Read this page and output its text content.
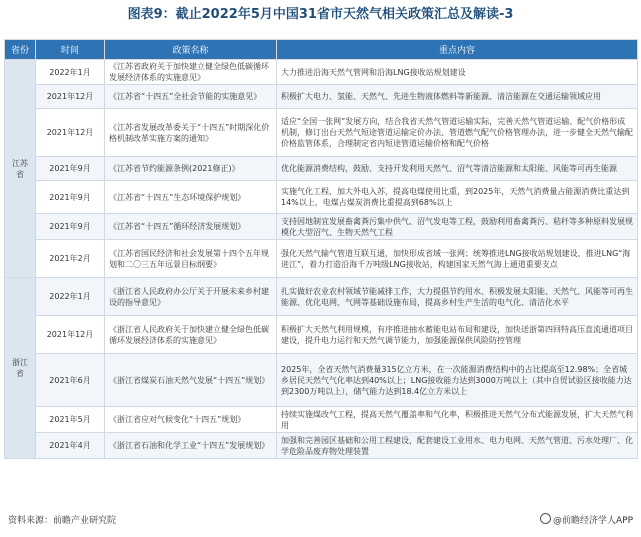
图表9：截止2022年5月中国31省市天然气相关政策汇总及解读-3
省份	时间	政策名称	重点内容
江苏省	2022年1月	《江苏省政府关于加快建立健全绿色低碳循环发展经济体系的实施意见》	大力推进沿海天然气管网和沿海LNG接收站规划建设
	2021年12月	《江苏省“十四五”全社会节能的实施意见》	积极扩大电力、氢能、天然气、先进生物液体燃料等新能源、清洁能源在交通运输领域应用
	2021年12月	《江苏省发展改革委关于“十四五”时期深化价格机制改革实施方案的通知》	适应“全国一张网”发展方向，结合我省天然气管道运输实际，完善天然气管道运输、配气价格形成机制，修订出台天然气短途管道运输定价办法、管道燃气配气价格管理办法，进一步健全天然气输配价格监管体系，合理制定省内短途管道运输价格和配气价格
	2021年9月	《江苏省节约能源条例(2021修正)》	优化能源消费结构，鼓励、支持开发利用天然气、沼气等清洁能源和太阳能、风能等可再生能源
	2021年9月	《江苏省“十四五”生态环境保护规划》	实施气化工程，加大外电入苏，提高电煤使用比重，到2025年，天然气消费量占能源消费比重达到14%以上，电煤占煤炭消费比重提高到68%以上
	2021年9月	《江苏省“十四五”循环经济发展规划》	支持因地制宜发展畜禽粪污集中供气、沼气发电等工程，鼓励利用畜禽粪污、秸秆等多种原料发展规模化大型沼气、生物天然气工程
	2021年2月	《江苏省国民经济和社会发展第十四个五年规划和二〇三五年远景目标纲要》	强化天然气输气管道互联互通，加快形成省域一张网；统筹推进LNG接收站规划建设，推进LNG“海进江”，着力打造沿海千万吨级LNG接收站，构建国家天然气海上通道重要支点
浙江省	2022年1月	《浙江省人民政府办公厅关于开展未来乡村建设的指导意见》	扎实做好农业农村领域节能减排工作，大力提倡节约用水、积极发展太阳能、天然气、风能等可再生能源、优化电网、气网等基础设施布局，提高乡村生产生活的电气化、清洁化水平
	2021年12月	《浙江省人民政府关于加快建立健全绿色低碳循环发展经济体系的实施意见》	积极扩大天然气利用规模，有序推进抽水蓄能电站布局和建设，加快送浙第四回特高压直流通道项目建设，提升电力运行和天然气调节能力，加强能源保供风险防控管理
	2021年6月	《浙江省煤炭石油天然气发展“十四五”规划》	2025年，全省天然气消费量315亿立方米，在一次能源消费结构中的占比提高至12.98%；全省城乡居民天然气气化率达到40%以上；LNG接收能力达到3000万吨以上（其中自贸试验区接收能力达到2300万吨以上），储气能力达到18.4亿立方米以上
	2021年5月	《浙江省应对气候变化“十四五”规划》	持续实施煤改气工程，提高天然气覆盖率和气化率，积极推进天然气分布式能源发展，扩大天然气利用
	2021年4月	《浙江省石油和化学工业“十四五”发展规划》	加强和完善园区基础和公用工程建设，配套建设工业用水、电力电网、天然气管道、污水处理厂、化学危险品废弃物处理装置
资料来源：前瞻产业研究院	@前瞻经济学人APP
